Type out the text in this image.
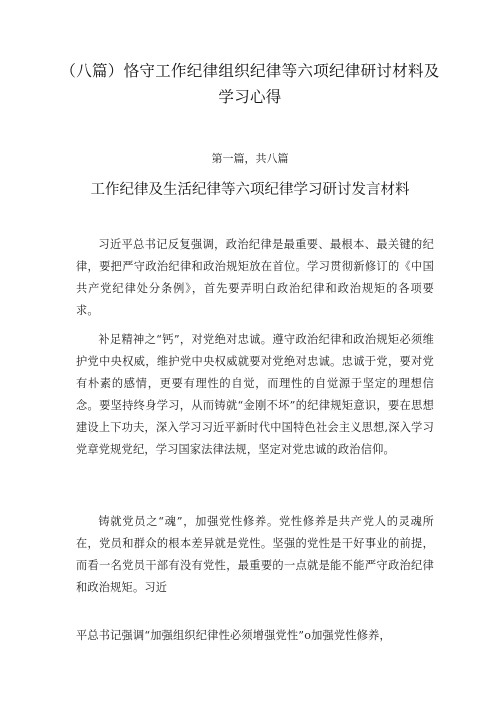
（八篇）恪守工作纪律组织纪律等六项纪律研讨材料及学习心得

第一篇，共八篇

工作纪律及生活纪律等六项纪律学习研讨发言材料

习近平总书记反复强调，政治纪律是最重要、最根本、最关键的纪律，要把严守政治纪律和政治规矩放在首位。学习贯彻新修订的《中国共产党纪律处分条例》，首先要弄明白政治纪律和政治规矩的各项要求。

补足精神之“钙”，对党绝对忠诚。遵守政治纪律和政治规矩必须维护党中央权威，维护党中央权威就要对党绝对忠诚。忠诚于党，要对党有朴素的感情，更要有理性的自觉，而理性的自觉源于坚定的理想信念。要坚持终身学习，从而铸就“金刚不坏”的纪律规矩意识，要在思想建设上下功夫，深入学习习近平新时代中国特色社会主义思想,深入学习党章党规党纪，学习国家法律法规，坚定对党忠诚的政治信仰。

铸就党员之“魂”，加强党性修养。党性修养是共产党人的灵魂所在，党员和群众的根本差异就是党性。坚强的党性是干好事业的前提，而看一名党员干部有没有党性，最重要的一点就是能不能严守政治纪律和政治规矩。习近

平总书记强调“加强组织纪律性必须增强党性”o加强党性修养，
